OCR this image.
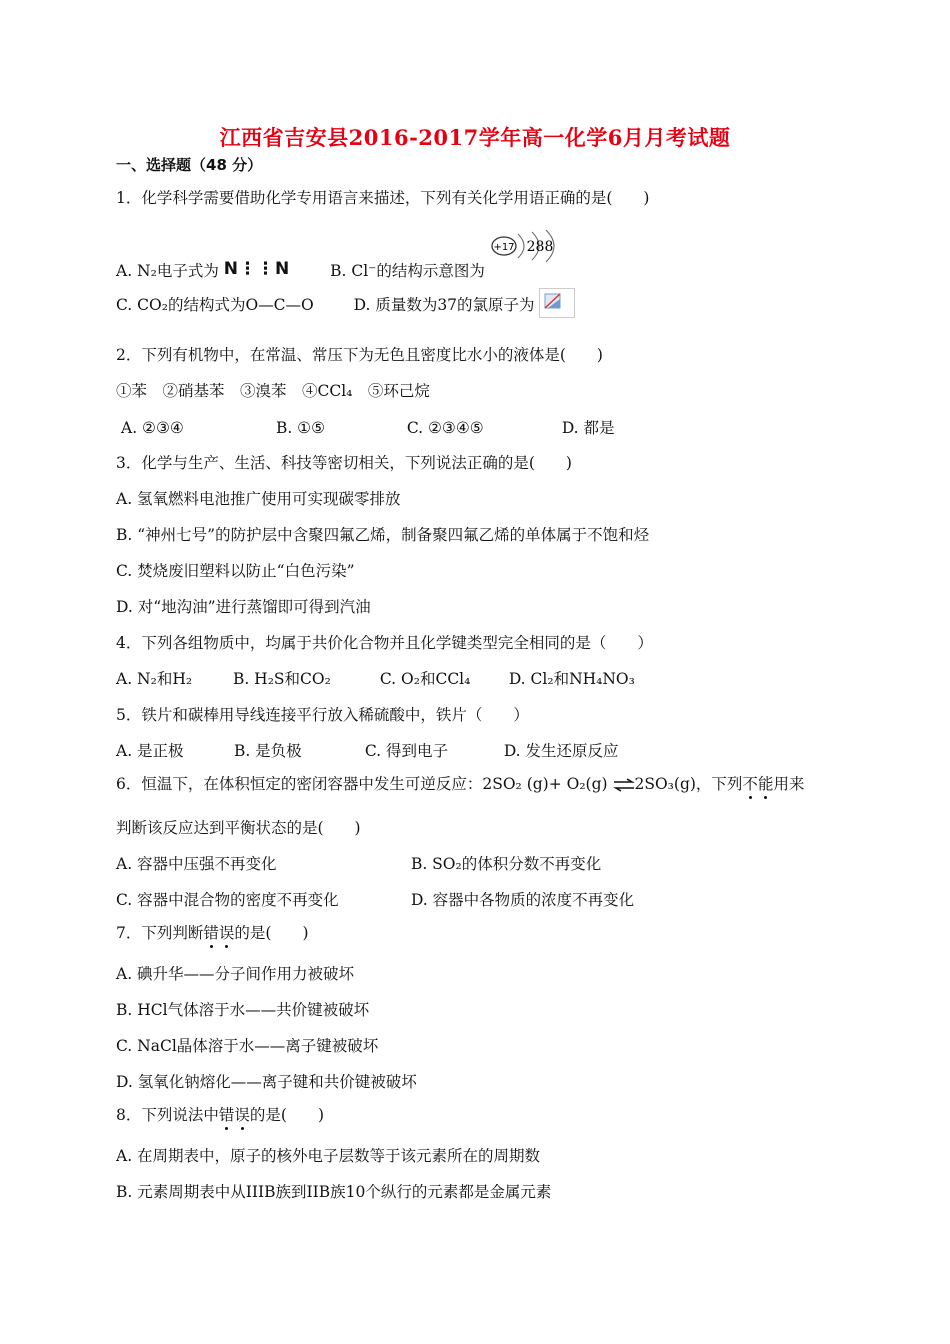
江西省吉安县2016-2017学年高一化学6月月考试题
一、选择题（48 分）
1．化学科学需要借助化学专用语言来描述，下列有关化学用语正确的是(　　)
A. N₂电子式为 N⋮⋮N	B. Cl⁻的结构示意图为
+17 288
C. CO₂的结构式为O—C—O	D. 质量数为37的氯原子为
2．下列有机物中，在常温、常压下为无色且密度比水小的液体是(　　)
①苯　②硝基苯　③溴苯　④CCl₄　⑤环己烷
A. ②③④	B. ①⑤	C. ②③④⑤	D. 都是
3．化学与生产、生活、科技等密切相关，下列说法正确的是(　　)
A. 氢氧燃料电池推广使用可实现碳零排放
B. “神州七号”的防护层中含聚四氟乙烯，制备聚四氟乙烯的单体属于不饱和烃
C. 焚烧废旧塑料以防止“白色污染”
D. 对“地沟油”进行蒸馏即可得到汽油
4．下列各组物质中，均属于共价化合物并且化学键类型完全相同的是（　　）
A. N₂和H₂	B. H₂S和CO₂	C. O₂和CCl₄ D. Cl₂和NH₄NO₃
5．铁片和碳棒用导线连接平行放入稀硫酸中，铁片（　　）
A. 是正极	B. 是负极	C. 得到电子	D. 发生还原反应
6．恒温下，在体积恒定的密闭容器中发生可逆反应：2SO₂ (g)+ O₂(g) ⇌2SO₃(g)，下列不能用来
判断该反应达到平衡状态的是(　　)
A. 容器中压强不再变化	B. SO₂的体积分数不再变化
C. 容器中混合物的密度不再变化	D. 容器中各物质的浓度不再变化
7．下列判断错误的是(　　)
A. 碘升华——分子间作用力被破坏
B. HCl气体溶于水——共价键被破坏
C. NaCl晶体溶于水——离子键被破坏
D. 氢氧化钠熔化——离子键和共价键被破坏
8．下列说法中错误的是(　　)
A. 在周期表中，原子的核外电子层数等于该元素所在的周期数
B. 元素周期表中从IIIB族到IIB族10个纵行的元素都是金属元素
